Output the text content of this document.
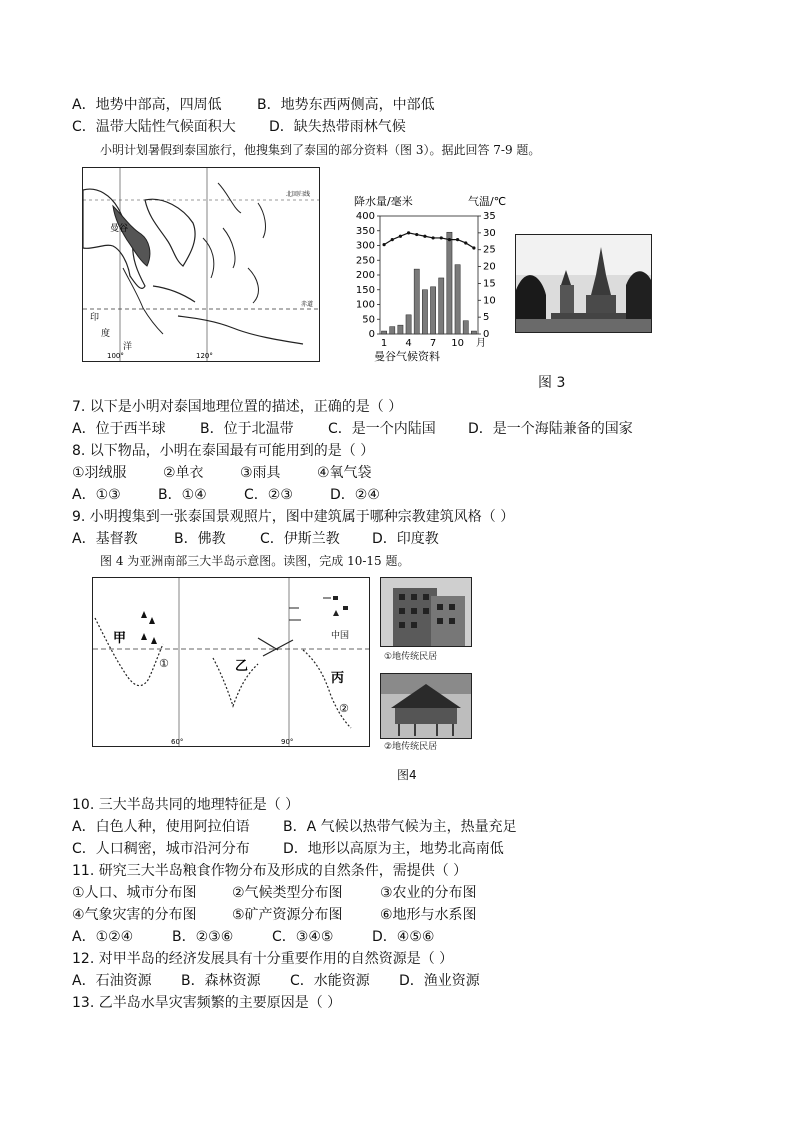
A．地势中部高，四周低	B．地势东西两侧高，中部低
C．温带大陆性气候面积大 D．缺失热带雨林气候
小明计划暑假到泰国旅行，他搜集到了泰国的部分资料（图 3）。据此回答 7-9 题。
曼谷
印
度
洋
100°	120°
赤道
北回归线
降水量/毫米	气温/℃
0
50
100
150
200
250
300
350
400
0
5
10
15
20
25
30
35
1 4 7 10 月
曼谷气候资料
图 3
7. 以下是小明对泰国地理位置的描述，正确的是（ ）
A．位于西半球 B．位于北温带 C．是一个内陆国 D．是一个海陆兼备的国家
8. 以下物品，小明在泰国最有可能用到的是（ ）
①羽绒服	②单衣	③雨具	④氧气袋
A．①③	B．①④	C．②③	D．②④
9. 小明搜集到一张泰国景观照片，图中建筑属于哪种宗教建筑风格（ ）
A．基督教	B．佛教 C．伊斯兰教 D．印度教
图 4 为亚洲南部三大半岛示意图。读图，完成 10-15 题。
甲
乙
丙
中国
①
②
60°	90°
①地传统民居
②地传统民居
图4
10. 三大半岛共同的地理特征是（ ）
A．白色人种，使用阿拉伯语 B．A 气候以热带气候为主，热量充足
C．人口稠密，城市沿河分布 D．地形以高原为主，地势北高南低
11. 研究三大半岛粮食作物分布及形成的自然条件，需提供（ ）
①人口、城市分布图	②气候类型分布图	③农业的分布图
④气象灾害的分布图	⑤矿产资源分布图	⑥地形与水系图
A．①②④	B．②③⑥	C．③④⑤	D．④⑤⑥
12. 对甲半岛的经济发展具有十分重要作用的自然资源是（ ）
A．石油资源 B．森林资源 C．水能资源 D．渔业资源
13. 乙半岛水旱灾害频繁的主要原因是（ ）
